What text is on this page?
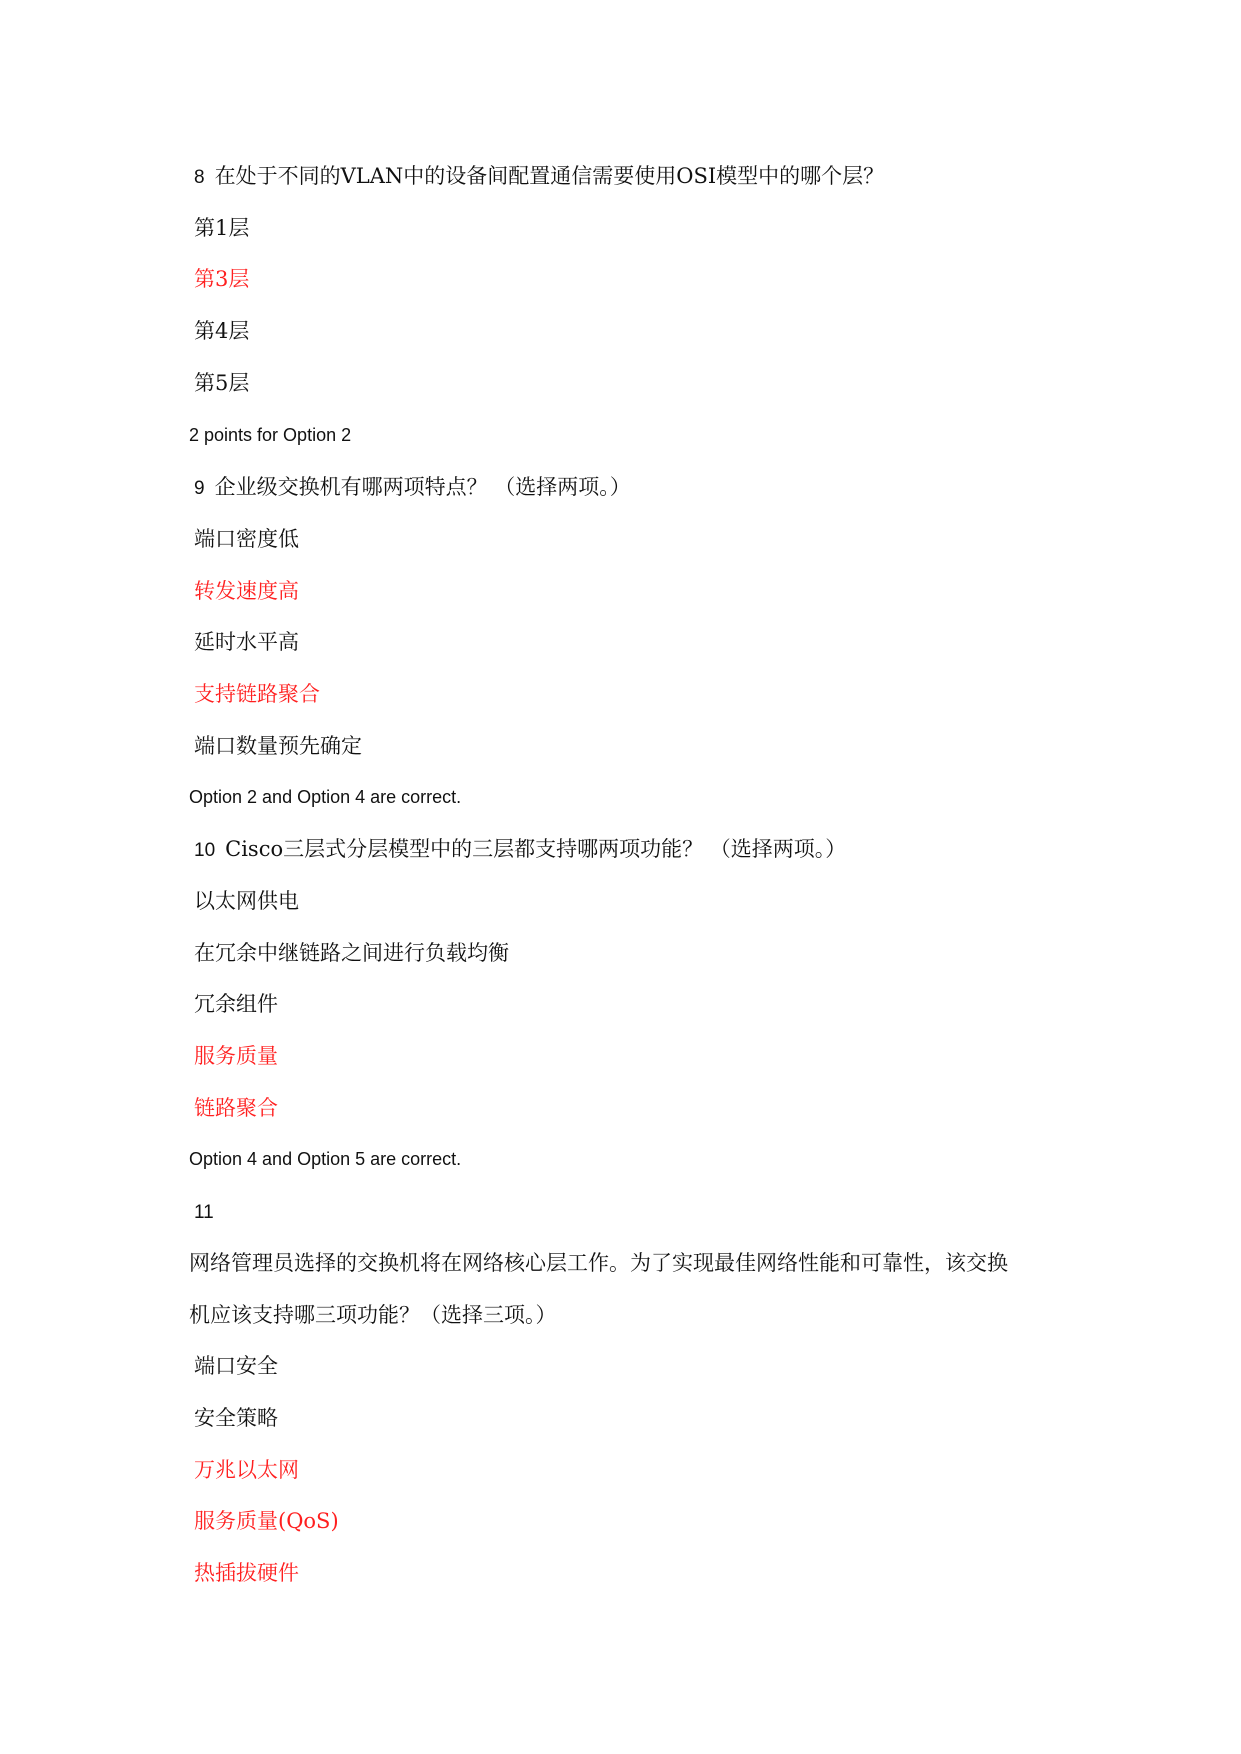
8 在处于不同的VLAN中的设备间配置通信需要使用OSI模型中的哪个层？
第1层
第3层
第4层
第5层
2 points for Option 2
9 企业级交换机有哪两项特点？ （选择两项。）
端口密度低
转发速度高
延时水平高
支持链路聚合
端口数量预先确定
Option 2 and Option 4 are correct.
10 Cisco三层式分层模型中的三层都支持哪两项功能？ （选择两项。）
以太网供电
在冗余中继链路之间进行负载均衡
冗余组件
服务质量
链路聚合
Option 4 and Option 5 are correct.
11
网络管理员选择的交换机将在网络核心层工作。为了实现最佳网络性能和可靠性，该交换
机应该支持哪三项功能？（选择三项。）
端口安全
安全策略
万兆以太网
服务质量(QoS)
热插拔硬件
